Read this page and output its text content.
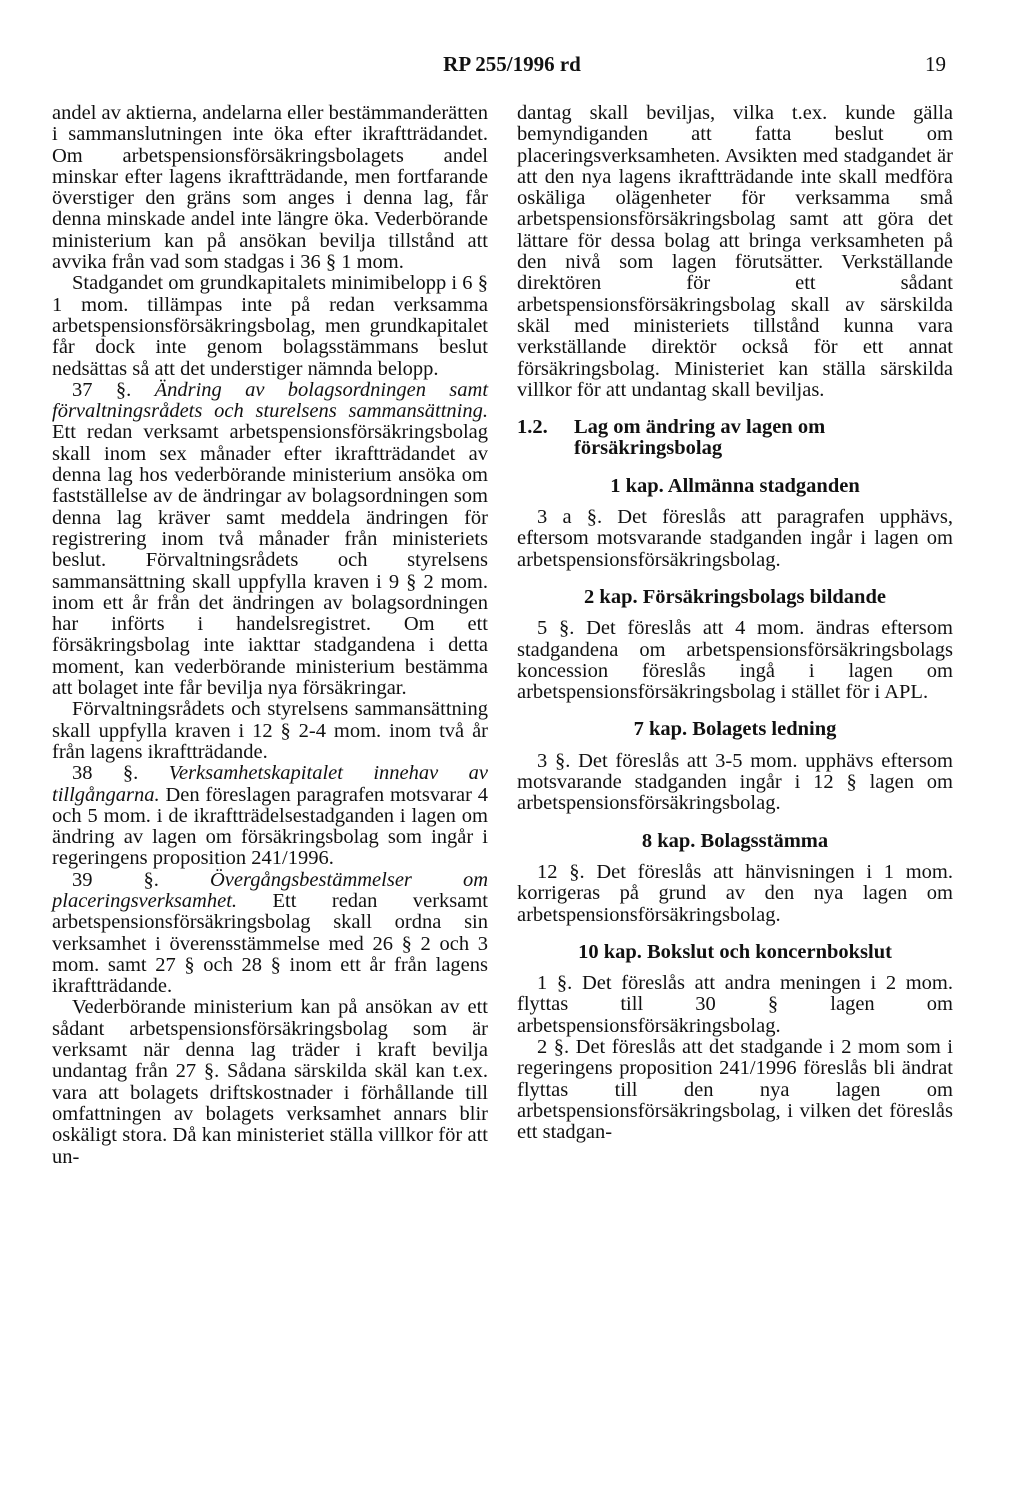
RP 255/1996 rd	19

andel av aktierna, andelarna eller bestämmanderätten i sammanslutningen inte öka efter ikraftträdandet. Om arbetspensionsförsäkringsbolagets andel minskar efter lagens ikraftträdande, men fortfarande överstiger den gräns som anges i denna lag, får denna minskade andel inte längre öka. Vederbörande ministerium kan på ansökan bevilja tillstånd att avvika från vad som stadgas i 36 § 1 mom.

Stadgandet om grundkapitalets minimibelopp i 6 § 1 mom. tillämpas inte på redan verksamma arbetspensionsförsäkringsbolag, men grundkapitalet får dock inte genom bolagsstämmans beslut nedsättas så att det understiger nämnda belopp.

37 §. Ändring av bolagsordningen samt förvaltningsrådets och sturelsens sammansättning. Ett redan verksamt arbetspensionsförsäkringsbolag skall inom sex månader efter ikraftträdandet av denna lag hos vederbörande ministerium ansöka om fastställelse av de ändringar av bolagsordningen som denna lag kräver samt meddela ändringen för registrering inom två månader från ministeriets beslut. Förvaltningsrådets och styrelsens sammansättning skall uppfylla kraven i 9 § 2 mom. inom ett år från det ändringen av bolagsordningen har införts i handelsregistret. Om ett försäkringsbolag inte iakttar stadgandena i detta moment, kan vederbörande ministerium bestämma att bolaget inte får bevilja nya försäkringar.

Förvaltningsrådets och styrelsens sammansättning skall uppfylla kraven i 12 § 2-4 mom. inom två år från lagens ikraftträdande.

38 §. Verksamhetskapitalet innehav av tillgångarna. Den föreslagen paragrafen motsvarar 4 och 5 mom. i de ikraftträdelsestadganden i lagen om ändring av lagen om försäkringsbolag som ingår i regeringens proposition 241/1996.

39 §. Övergångsbestämmelser om placeringsverksamhet. Ett redan verksamt arbetspensionsförsäkringsbolag skall ordna sin verksamhet i överensstämmelse med 26 § 2 och 3 mom. samt 27 § och 28 § inom ett år från lagens ikraftträdande.

Vederbörande ministerium kan på ansökan av ett sådant arbetspensionsförsäkringsbolag som är verksamt när denna lag träder i kraft bevilja undantag från 27 §. Sådana särskilda skäl kan t.ex. vara att bolagets driftskostnader i förhållande till omfattningen av bolagets verksamhet annars blir oskäligt stora. Då kan ministeriet ställa villkor för att un-

dantag skall beviljas, vilka t.ex. kunde gälla bemyndiganden att fatta beslut om placeringsverksamheten. Avsikten med stadgandet är att den nya lagens ikraftträdande inte skall medföra oskäliga olägenheter för verksamma små arbetspensionsförsäkringsbolag samt att göra det lättare för dessa bolag att bringa verksamheten på den nivå som lagen förutsätter. Verkställande direktören för ett sådant arbetspensionsförsäkringsbolag skall av särskilda skäl med ministeriets tillstånd kunna vara verkställande direktör också för ett annat försäkringsbolag. Ministeriet kan ställa särskilda villkor för att undantag skall beviljas.

1.2.	Lag om ändring av lagen om försäkringsbolag

1 kap. Allmänna stadganden

3 a §. Det föreslås att paragrafen upphävs, eftersom motsvarande stadganden ingår i lagen om arbetspensionsförsäkringsbolag.

2 kap. Försäkringsbolags bildande

5 §. Det föreslås att 4 mom. ändras eftersom stadgandena om arbetspensionsförsäkringsbolags koncession föreslås ingå i lagen om arbetspensionsförsäkringsbolag i stället för i APL.

7 kap. Bolagets ledning

3 §. Det föreslås att 3-5 mom. upphävs eftersom motsvarande stadganden ingår i 12 § lagen om arbetspensionsförsäkringsbolag.

8 kap. Bolagsstämma

12 §. Det föreslås att hänvisningen i 1 mom. korrigeras på grund av den nya lagen om arbetspensionsförsäkringsbolag.

10 kap. Bokslut och koncernbokslut

1 §. Det föreslås att andra meningen i 2 mom. flyttas till 30 § lagen om arbetspensionsförsäkringsbolag.

2 §. Det föreslås att det stadgande i 2 mom som i regeringens proposition 241/1996 föreslås bli ändrat flyttas till den nya lagen om arbetspensionsförsäkringsbolag, i vilken det föreslås ett stadgan-
